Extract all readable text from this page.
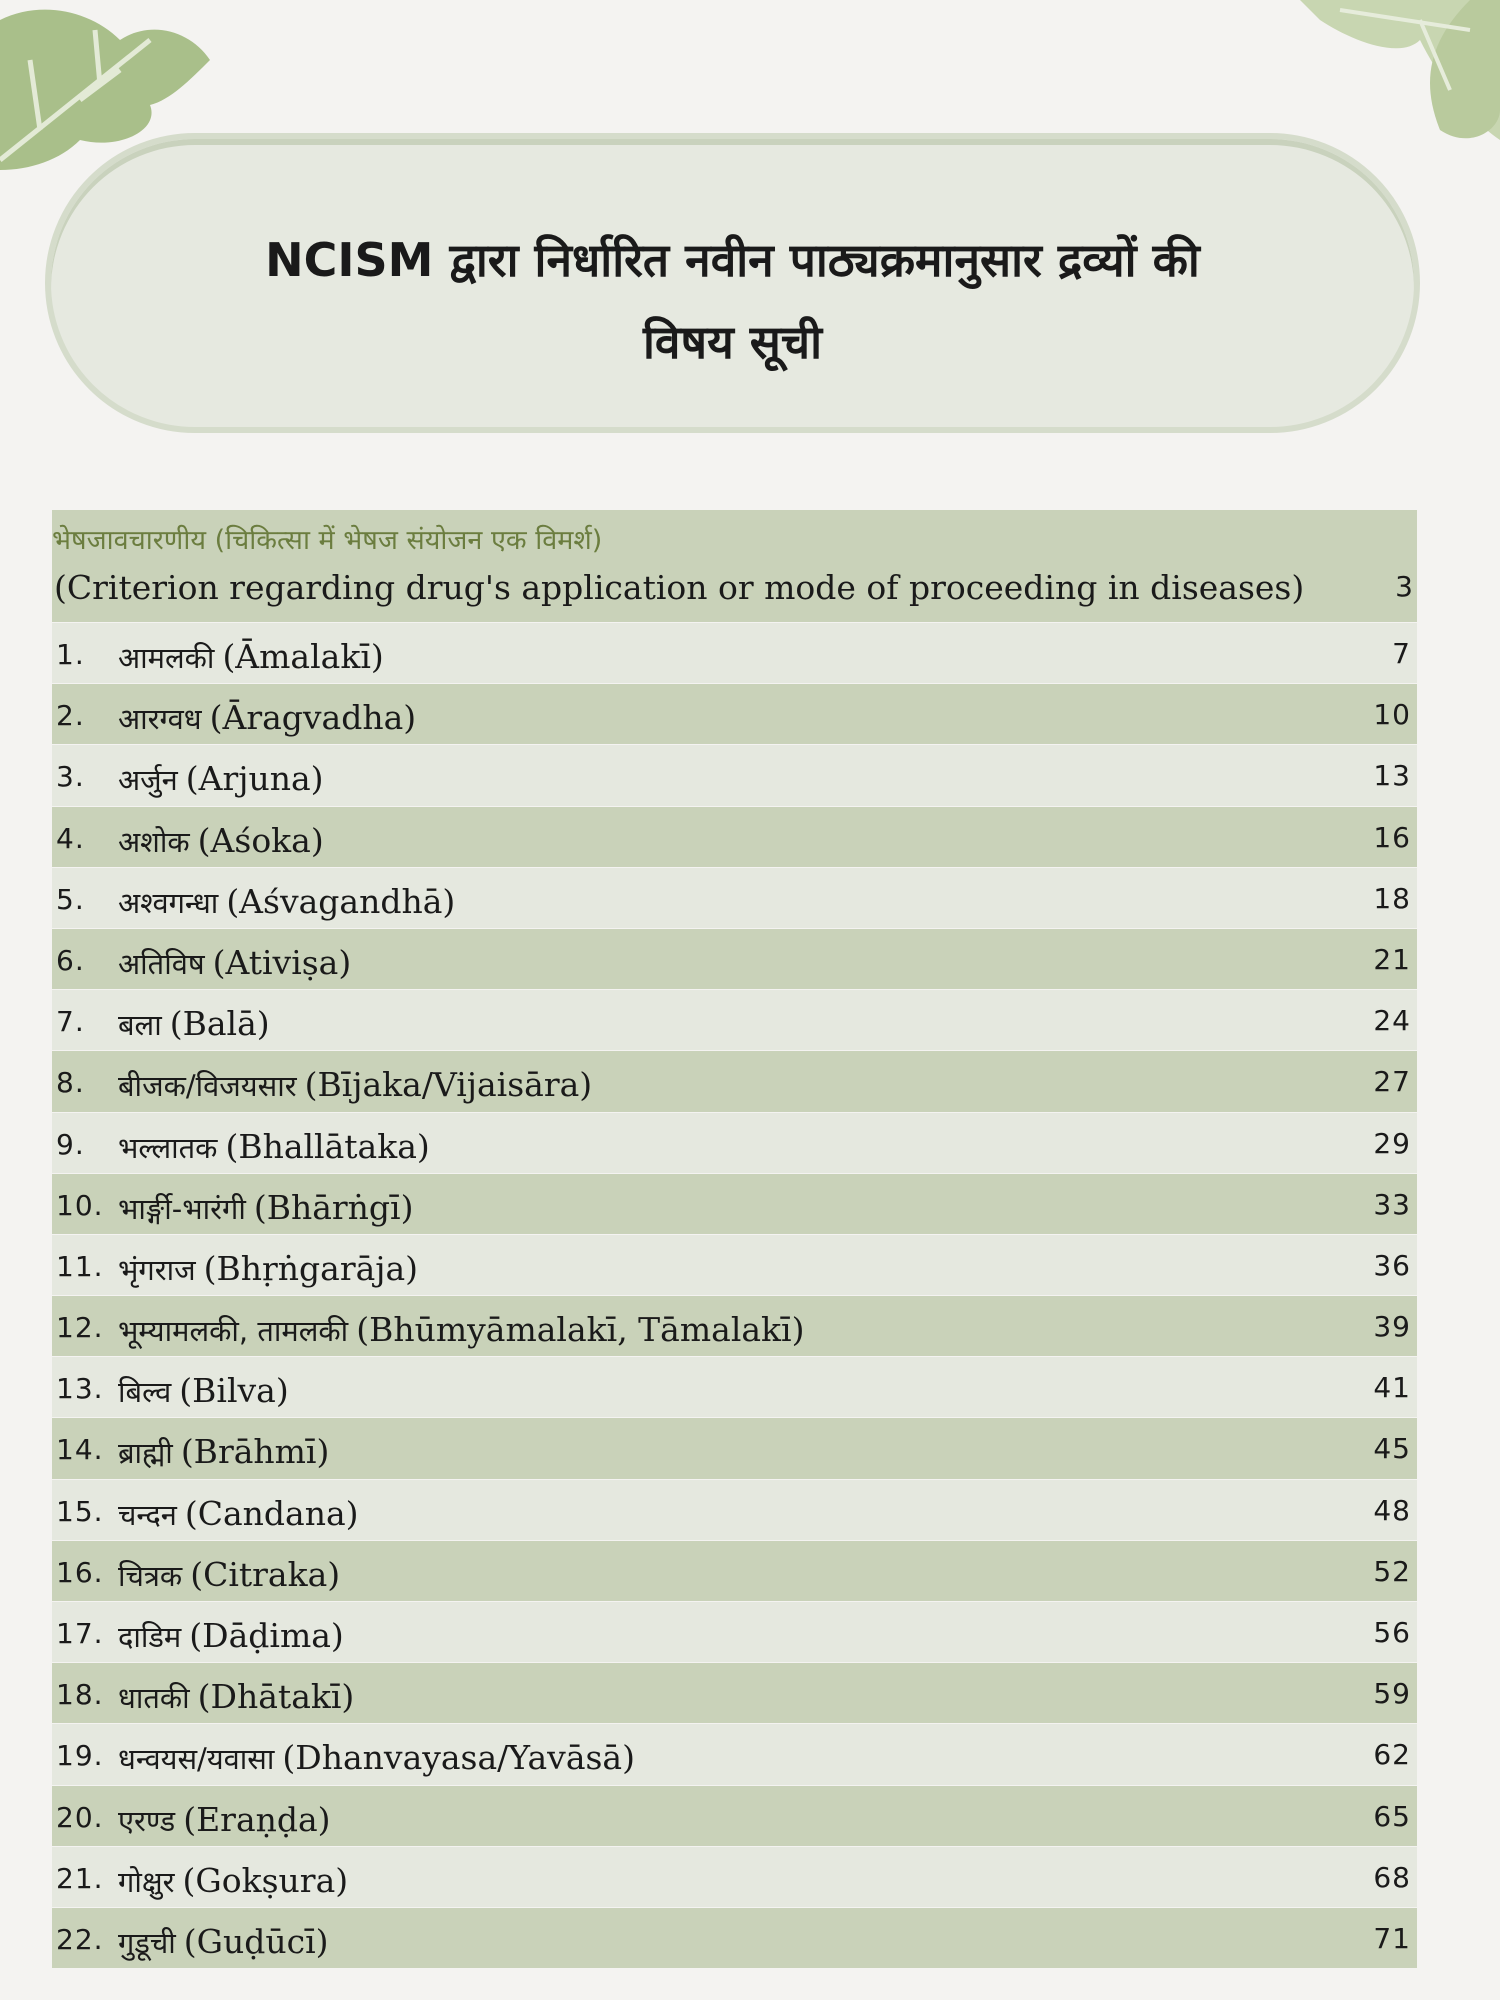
NCISM द्वारा निर्धारित नवीन पाठ्यक्रमानुसार द्रव्यों की
विषय सूची
भेषजावचारणीय (चिकित्सा में भेषज संयोजन एक विमर्श)
(Criterion regarding drug's application or mode of proceeding in diseases)	3
1. आमलकी (Āmalakī)	7
2. आरग्वध (Āragvadha)	10
3. अर्जुन (Arjuna)	13
4. अशोक (Aśoka)	16
5. अश्वगन्धा (Aśvagandhā)	18
6. अतिविष (Ativiṣa)	21
7. बला (Balā)	24
8. बीजक/विजयसार (Bījaka/Vijaisāra)	27
9. भल्लातक (Bhallātaka)	29
10. भार्ङ्गी-भारंगी (Bhārṅgī)	33
11. भृंगराज (Bhṛṅgarāja)	36
12. भूम्यामलकी, तामलकी (Bhūmyāmalakī, Tāmalakī)	39
13. बिल्व (Bilva)	41
14. ब्राह्मी (Brāhmī)	45
15. चन्दन (Candana)	48
16. चित्रक (Citraka)	52
17. दाडिम (Dāḍima)	56
18. धातकी (Dhātakī)	59
19. धन्वयस/यवासा (Dhanvayasa/Yavāsā)	62
20. एरण्ड (Eraṇḍa)	65
21. गोक्षुर (Gokṣura)	68
22. गुडूची (Guḍūcī)	71
